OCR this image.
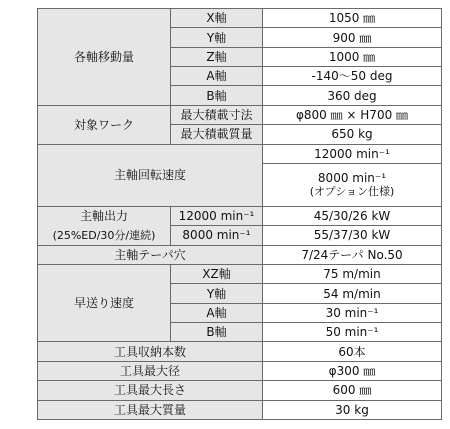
各軸移動量	X軸	1050 ㎜
	Y軸	900 ㎜
	Z軸	1000 ㎜
	A軸	-140～50 deg
	B軸	360 deg
対象ワーク	最大積載寸法	φ800 ㎜ × H700 ㎜
	最大積載質量	650 kg
主軸回転速度		12000 min⁻¹

		8000 min⁻¹
(オプション仕様)

主軸出力
(25%ED/30分/連続)	12000 min⁻¹	45/30/26 kW
	8000 min⁻¹	55/37/30 kW
主軸テーパ穴		7/24テーパ No.50
早送り速度	XZ軸	75 m/min
	Y軸	54 m/min
	A軸	30 min⁻¹
	B軸	50 min⁻¹
工具収納本数		60本
工具最大径		φ300 ㎜
工具最大長さ		600 ㎜
工具最大質量		30 kg
